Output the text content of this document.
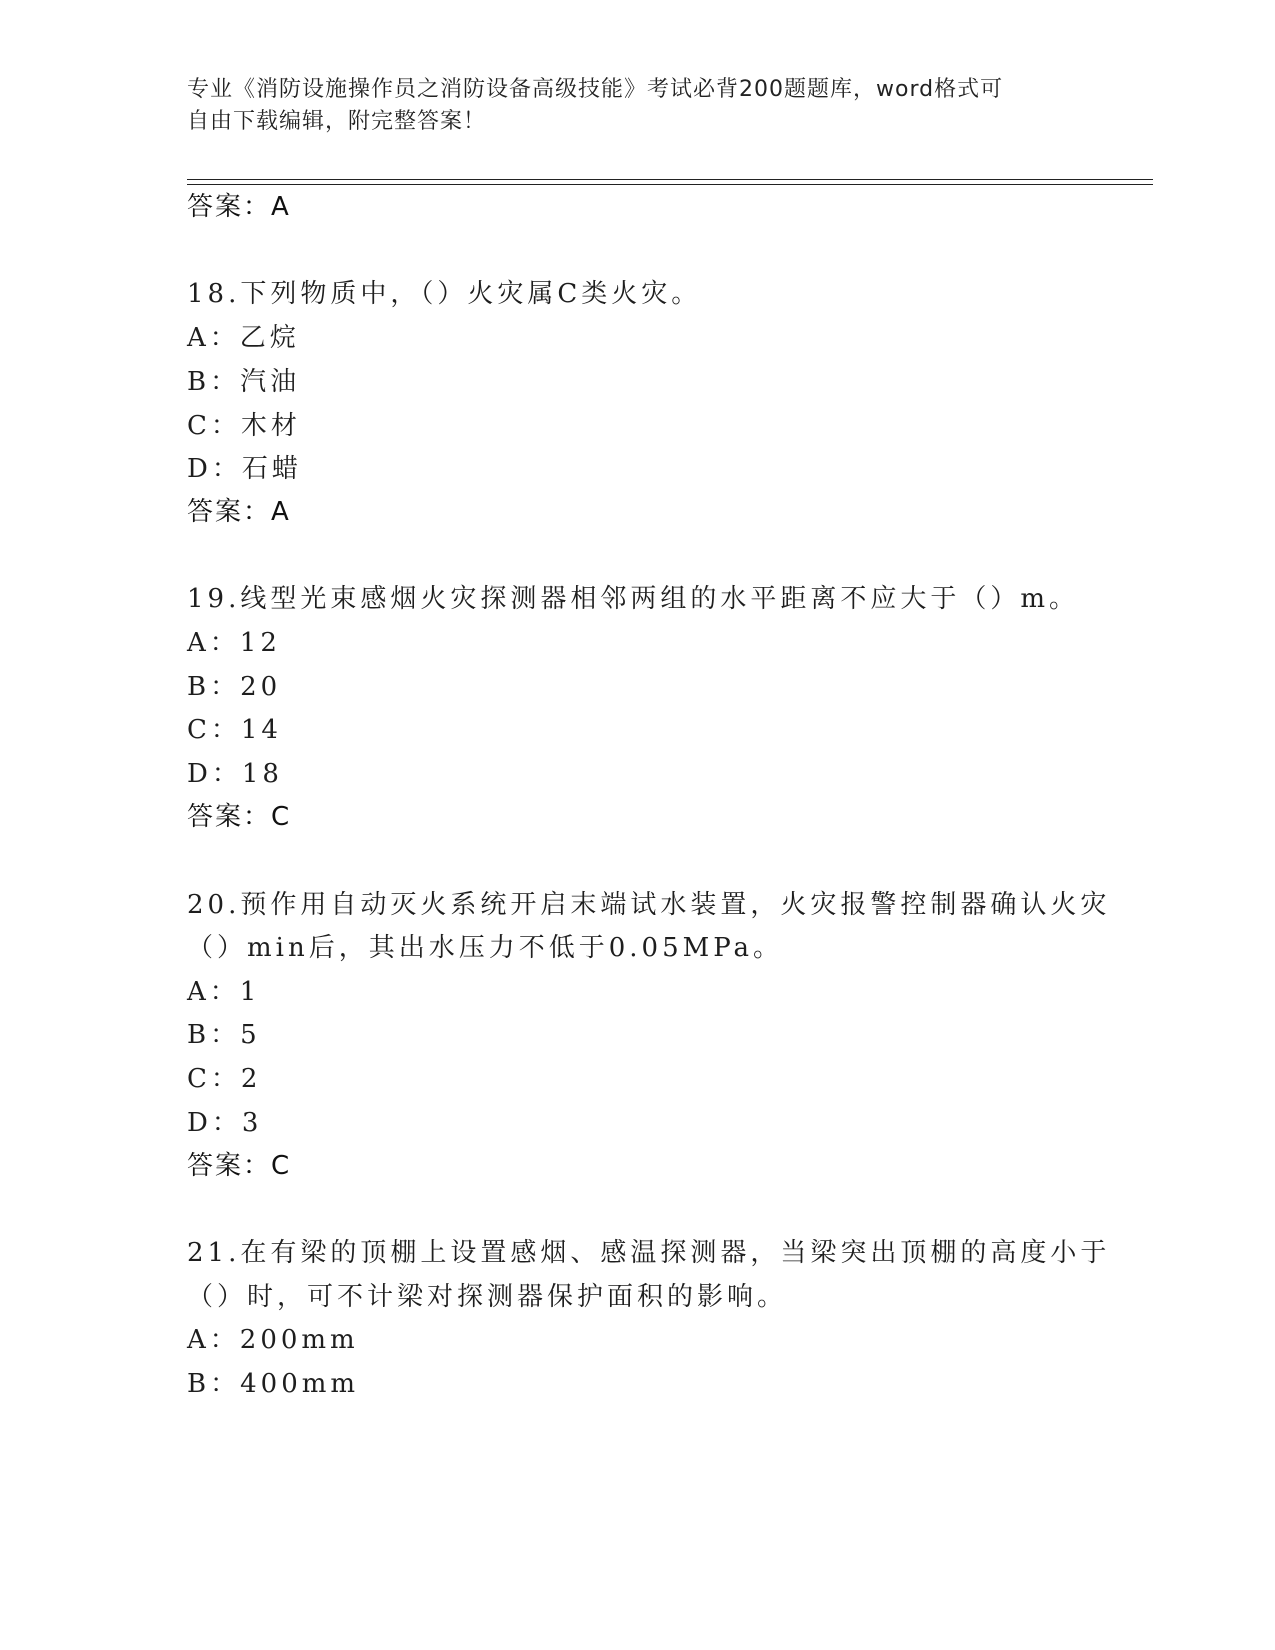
专业《消防设施操作员之消防设备高级技能》考试必背200题题库，word格式可
自由下载编辑，附完整答案！
答案：A
18.下列物质中，（）火灾属C类火灾。
A：乙烷
B：汽油
C：木材
D：石蜡
答案：A
19.线型光束感烟火灾探测器相邻两组的水平距离不应大于（）m。
A：12
B：20
C：14
D：18
答案：C
20.预作用自动灭火系统开启末端试水装置，火灾报警控制器确认火灾
（）min后，其出水压力不低于0.05MPa。
A：1
B：5
C：2
D：3
答案：C
21.在有梁的顶棚上设置感烟、感温探测器，当梁突出顶棚的高度小于
（）时，可不计梁对探测器保护面积的影响。
A：200mm
B：400mm
